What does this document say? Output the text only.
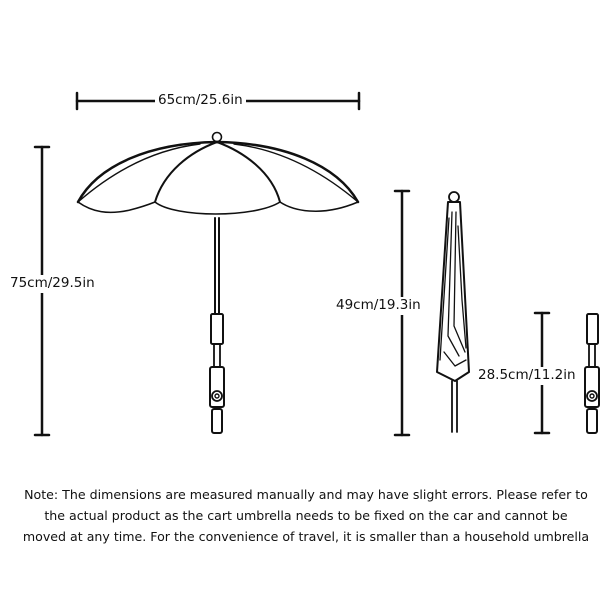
65cm/25.6in
75cm/29.5in
49cm/19.3in
28.5cm/11.2in
Note: The dimensions are measured manually and may have slight errors. Please refer to
the actual product as the cart umbrella needs to be fixed on the car and cannot be
moved at any time. For the convenience of travel, it is smaller than a household umbrella
